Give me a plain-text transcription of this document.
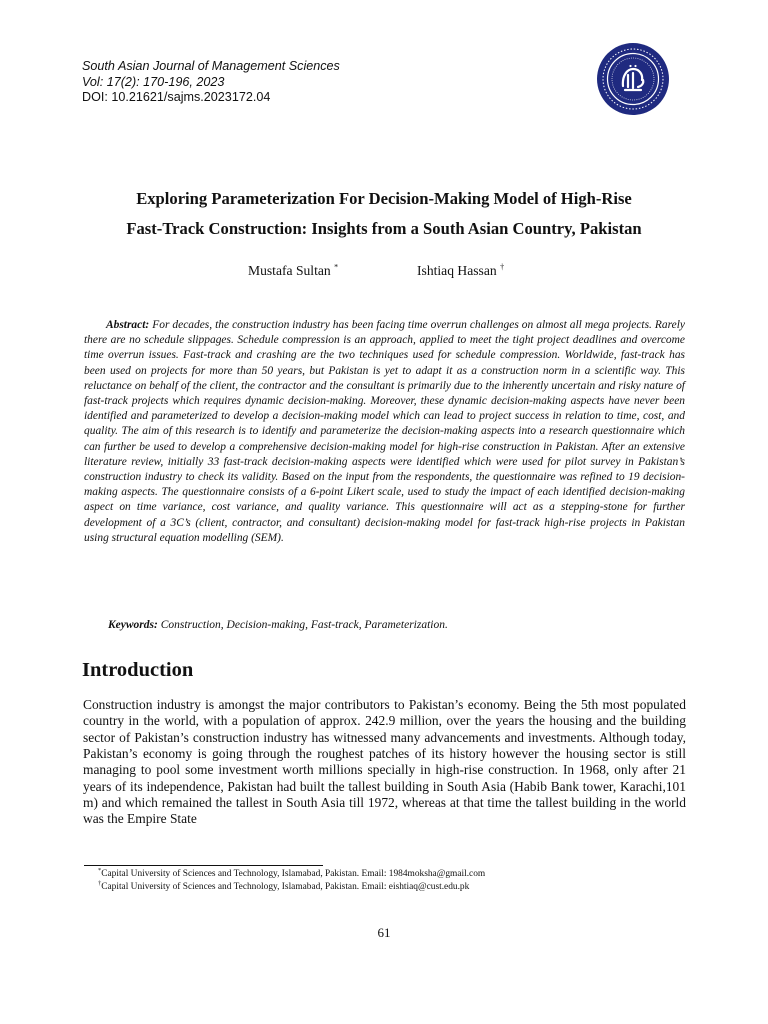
South Asian Journal of Management Sciences
Vol: 17(2): 170-196, 2023
DOI: 10.21621/sajms.2023172.04
Exploring Parameterization For Decision-Making Model of High-Rise
Fast-Track Construction: Insights from a South Asian Country, Pakistan
Mustafa Sultan *	Ishtiaq Hassan †
Abstract: For decades, the construction industry has been facing time overrun challenges on almost all mega projects. Rarely there are no schedule slippages. Schedule compression is an approach, applied to meet the tight project deadlines and overcome time overrun issues. Fast-track and crashing are the two techniques used for schedule compression. Worldwide, fast-track has been used on projects for more than 50 years, but Pakistan is yet to adapt it as a construction norm in a scientific way. This reluctance on behalf of the client, the contractor and the consultant is primarily due to the inherently uncertain and risky nature of fast-track projects which requires dynamic decision-making. Moreover, these dynamic decision-making aspects have never been identified and parameterized to develop a decision-making model which can lead to project success in relation to time, cost, and quality. The aim of this research is to identify and parameterize the decision-making aspects into a research questionnaire which can further be used to develop a comprehensive decision-making model for high-rise construction in Pakistan. After an extensive literature review, initially 33 fast-track decision-making aspects were identified which were used for pilot survey in Pakistan’s construction industry to check its validity. Based on the input from the respondents, the questionnaire was refined to 19 decision-making aspects. The questionnaire consists of a 6-point Likert scale, used to study the impact of each identified decision-making aspect on time variance, cost variance, and quality variance. This questionnaire will act as a stepping-stone for further development of a 3C’s (client, contractor, and consultant) decision-making model for fast-track high-rise projects in Pakistan using structural equation modelling (SEM).
Keywords: Construction, Decision-making, Fast-track, Parameterization.
Introduction
Construction industry is amongst the major contributors to Pakistan’s economy. Being the 5th most populated country in the world, with a population of approx. 242.9 million, over the years the housing and the building sector of Pakistan’s construction industry has witnessed many advancements and investments. Although today, Pakistan’s economy is going through the roughest patches of its history however the housing sector is still managing to pool some investment worth millions specially in high-rise construction. In 1968, only after 21 years of its independence, Pakistan had built the tallest building in South Asia (Habib Bank tower, Karachi,101 m) and which remained the tallest in South Asia till 1972, whereas at that time the tallest building in the world was the Empire State
*Capital University of Sciences and Technology, Islamabad, Pakistan. Email: 1984moksha@gmail.com
†Capital University of Sciences and Technology, Islamabad, Pakistan. Email: eishtiaq@cust.edu.pk
61
